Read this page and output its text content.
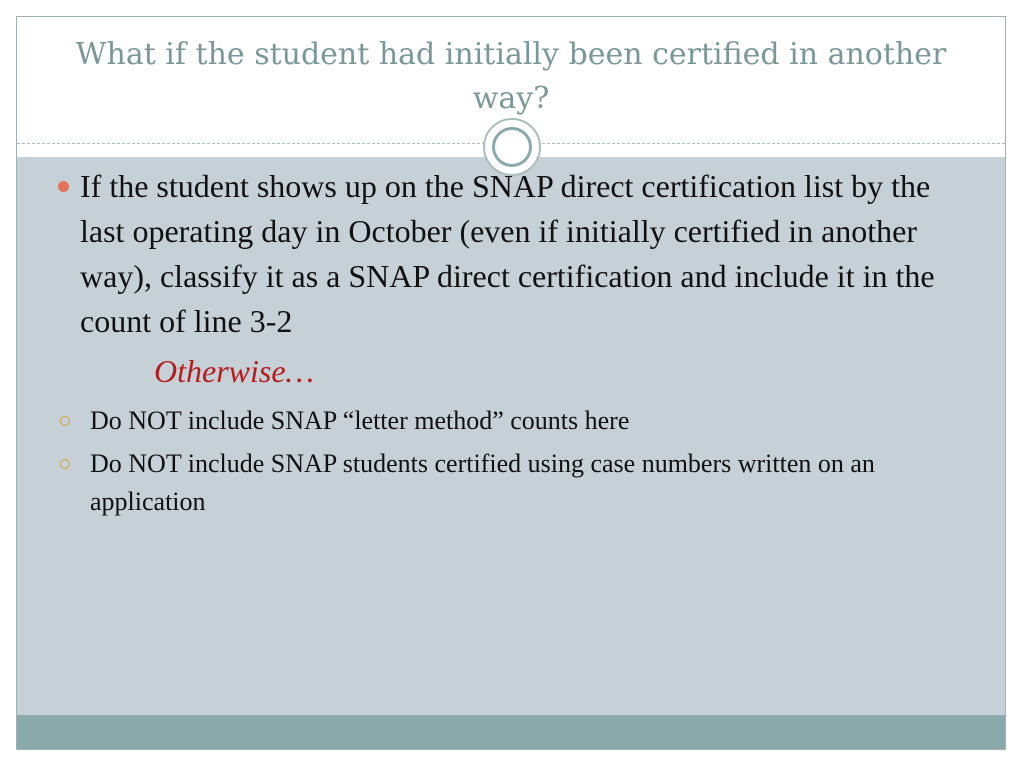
What if the student had initially been certified in another way?
If the student shows up on the SNAP direct certification list by the last operating day in October (even if initially certified in another way), classify it as a SNAP direct certification and include it in the count of line 3-2
Otherwise…
Do NOT include SNAP “letter method” counts here
Do NOT include SNAP students certified using case numbers written on an application
